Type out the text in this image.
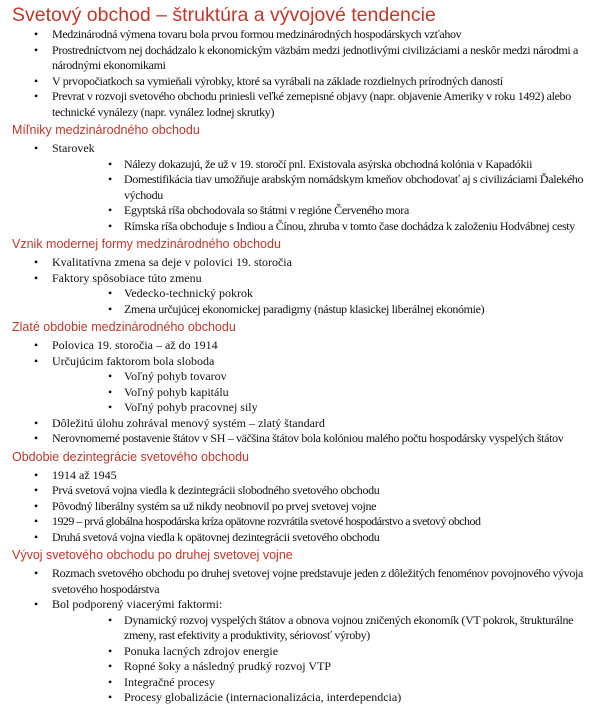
Svetový obchod – štruktúra a vývojové tendencie
• Medzinárodná výmena tovaru bola prvou formou medzinárodných hospodárskych vzťahov
• Prostredníctvom nej dochádzalo k ekonomickým väzbám medzi jednotlivými civilizáciami a neskôr medzi národmi a národnými ekonomikami
• V prvopočiatkoch sa vymieňali výrobky, ktoré sa vyrábali na základe rozdielnych prírodných daností
• Prevrat v rozvoji svetového obchodu priniesli veľké zemepisné objavy (napr. objavenie Ameriky v roku 1492) alebo technické vynálezy (napr. vynález lodnej skrutky)
Míľniky medzinárodného obchodu
• Starovek
• Nálezy dokazujú, že už v 19. storočí pnl. Existovala asýrska obchodná kolónia v Kapadókii
• Domestifikácia tiav umožňuje arabským nomádskym kmeňov obchodovať aj s civilizáciami Ďalekého východu
• Egyptská ríša obchodovala so štátmi v regióne Červeného mora
• Rímska ríša obchoduje s Indiou a Čínou, zhruba v tomto čase dochádza k založeniu Hodvábnej cesty
Vznik modernej formy medzinárodného obchodu
• Kvalitatívna zmena sa deje v polovici 19. storočia
• Faktory spôsobiace túto zmenu
• Vedecko-technický pokrok
• Zmena určujúcej ekonomickej paradigmy (nástup klasickej liberálnej ekonómie)
Zlaté obdobie medzinárodného obchodu
• Polovica 19. storočia – až do 1914
• Určujúcim faktorom bola sloboda
• Voľný pohyb tovarov
• Voľný pohyb kapitálu
• Voľný pohyb pracovnej sily
• Dôležitú úlohu zohrával menový systém – zlatý štandard
• Nerovnomerné postavenie štátov v SH – väčšina štátov bola kolóniou malého počtu hospodársky vyspelých štátov
Obdobie dezintegrácie svetového obchodu
• 1914 až 1945
• Prvá svetová vojna viedla k dezintegrácii slobodného svetového obchodu
• Pôvodný liberálny systém sa už nikdy neobnovil po prvej svetovej vojne
• 1929 – prvá globálna hospodárska kríza opätovne rozvrátila svetové hospodárstvo a svetový obchod
• Druhá svetová vojna viedla k opätovnej dezintegrácii svetového obchodu
Vývoj svetového obchodu po druhej svetovej vojne
• Rozmach svetového obchodu po druhej svetovej vojne predstavuje jeden z dôležitých fenoménov povojnového vývoja svetového hospodárstva
• Bol podporený viacerými faktormi:
• Dynamický rozvoj vyspelých štátov a obnova vojnou zničených ekonomík (VT pokrok, štrukturálne zmeny, rast efektivity a produktivity, sériovosť výroby)
• Ponuka lacných zdrojov energie
• Ropné šoky a následný prudký rozvoj VTP
• Integračné procesy
• Procesy globalizácie (internacionalizácia, interdependcia)
